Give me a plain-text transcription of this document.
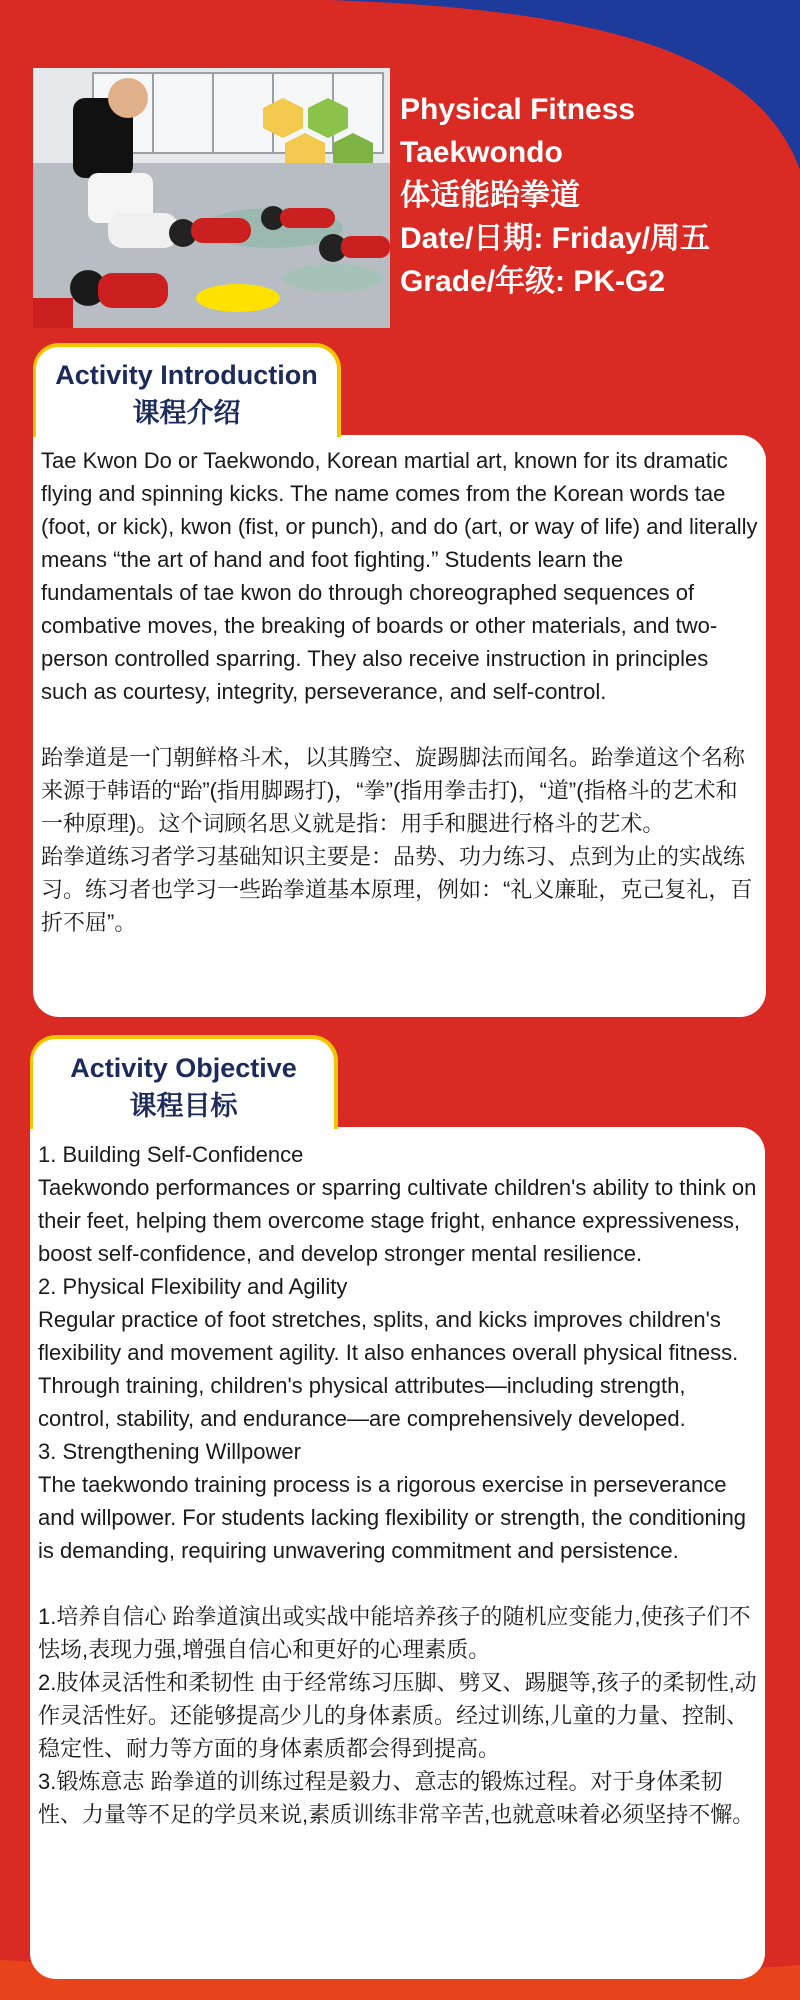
Physical Fitness
Taekwondo
体适能跆拳道
Date/日期: Friday/周五
Grade/年级: PK-G2
Activity Introduction
课程介绍

Tae Kwon Do or Taekwondo, Korean martial art, known for its dramatic flying and spinning kicks. The name comes from the Korean words tae (foot, or kick), kwon (fist, or punch), and do (art, or way of life) and literally means “the art of hand and foot fighting.” Students learn the fundamentals of tae kwon do through choreographed sequences of combative moves, the breaking of boards or other materials, and two-person controlled sparring. They also receive instruction in principles such as courtesy, integrity, perseverance, and self-control.

跆拳道是一门朝鲜格斗术，以其腾空、旋踢脚法而闻名。跆拳道这个名称来源于韩语的“跆”(指用脚踢打)，“拳”(指用拳击打)，“道”(指格斗的艺术和一种原理)。这个词顾名思义就是指：用手和腿进行格斗的艺术。

跆拳道练习者学习基础知识主要是：品势、功力练习、点到为止的实战练习。练习者也学习一些跆拳道基本原理，例如：“礼义廉耻，克己复礼，百折不屈”。

Activity Objective
课程目标

1. Building Self-Confidence

Taekwondo performances or sparring cultivate children's ability to think on their feet, helping them overcome stage fright, enhance expressiveness, boost self-confidence, and develop stronger mental resilience.

2. Physical Flexibility and Agility

Regular practice of foot stretches, splits, and kicks improves children's flexibility and movement agility. It also enhances overall physical fitness. Through training, children's physical attributes—including strength, control, stability, and endurance—are comprehensively developed.

3. Strengthening Willpower

The taekwondo training process is a rigorous exercise in perseverance and willpower. For students lacking flexibility or strength, the conditioning is demanding, requiring unwavering commitment and persistence.

1.培养自信心 跆拳道演出或实战中能培养孩子的随机应变能力,使孩子们不怯场,表现力强,增强自信心和更好的心理素质。

2.肢体灵活性和柔韧性 由于经常练习压脚、劈叉、踢腿等,孩子的柔韧性,动作灵活性好。还能够提高少儿的身体素质。经过训练,儿童的力量、控制、稳定性、耐力等方面的身体素质都会得到提高。

3.锻炼意志 跆拳道的训练过程是毅力、意志的锻炼过程。对于身体柔韧性、力量等不足的学员来说,素质训练非常辛苦,也就意味着必须坚持不懈。
